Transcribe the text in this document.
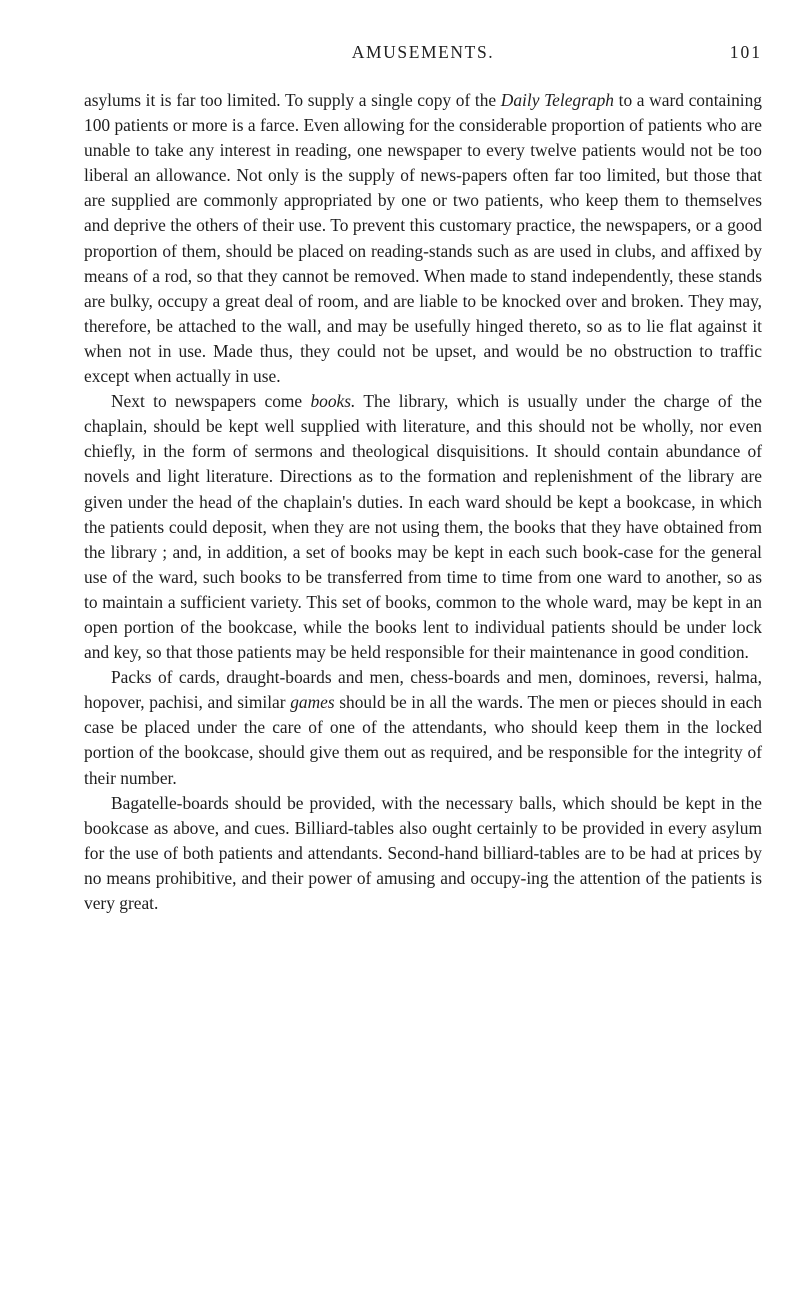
AMUSEMENTS.	101

asylums it is far too limited. To supply a single copy of the Daily Telegraph to a ward containing 100 patients or more is a farce. Even allowing for the considerable proportion of patients who are unable to take any interest in reading, one newspaper to every twelve patients would not be too liberal an allowance. Not only is the supply of news-papers often far too limited, but those that are supplied are commonly appropriated by one or two patients, who keep them to themselves and deprive the others of their use. To prevent this customary practice, the newspapers, or a good proportion of them, should be placed on reading-stands such as are used in clubs, and affixed by means of a rod, so that they cannot be removed. When made to stand independently, these stands are bulky, occupy a great deal of room, and are liable to be knocked over and broken. They may, therefore, be attached to the wall, and may be usefully hinged thereto, so as to lie flat against it when not in use. Made thus, they could not be upset, and would be no obstruction to traffic except when actually in use.

Next to newspapers come books. The library, which is usually under the charge of the chaplain, should be kept well supplied with literature, and this should not be wholly, nor even chiefly, in the form of sermons and theological disquisitions. It should contain abundance of novels and light literature. Directions as to the formation and replenishment of the library are given under the head of the chaplain's duties. In each ward should be kept a bookcase, in which the patients could deposit, when they are not using them, the books that they have obtained from the library ; and, in addition, a set of books may be kept in each such book-case for the general use of the ward, such books to be transferred from time to time from one ward to another, so as to maintain a sufficient variety. This set of books, common to the whole ward, may be kept in an open portion of the bookcase, while the books lent to individual patients should be under lock and key, so that those patients may be held responsible for their maintenance in good condition.

Packs of cards, draught-boards and men, chess-boards and men, dominoes, reversi, halma, hopover, pachisi, and similar games should be in all the wards. The men or pieces should in each case be placed under the care of one of the attendants, who should keep them in the locked portion of the bookcase, should give them out as required, and be responsible for the integrity of their number.

Bagatelle-boards should be provided, with the necessary balls, which should be kept in the bookcase as above, and cues. Billiard-tables also ought certainly to be provided in every asylum for the use of both patients and attendants. Second-hand billiard-tables are to be had at prices by no means prohibitive, and their power of amusing and occupy-ing the attention of the patients is very great.
